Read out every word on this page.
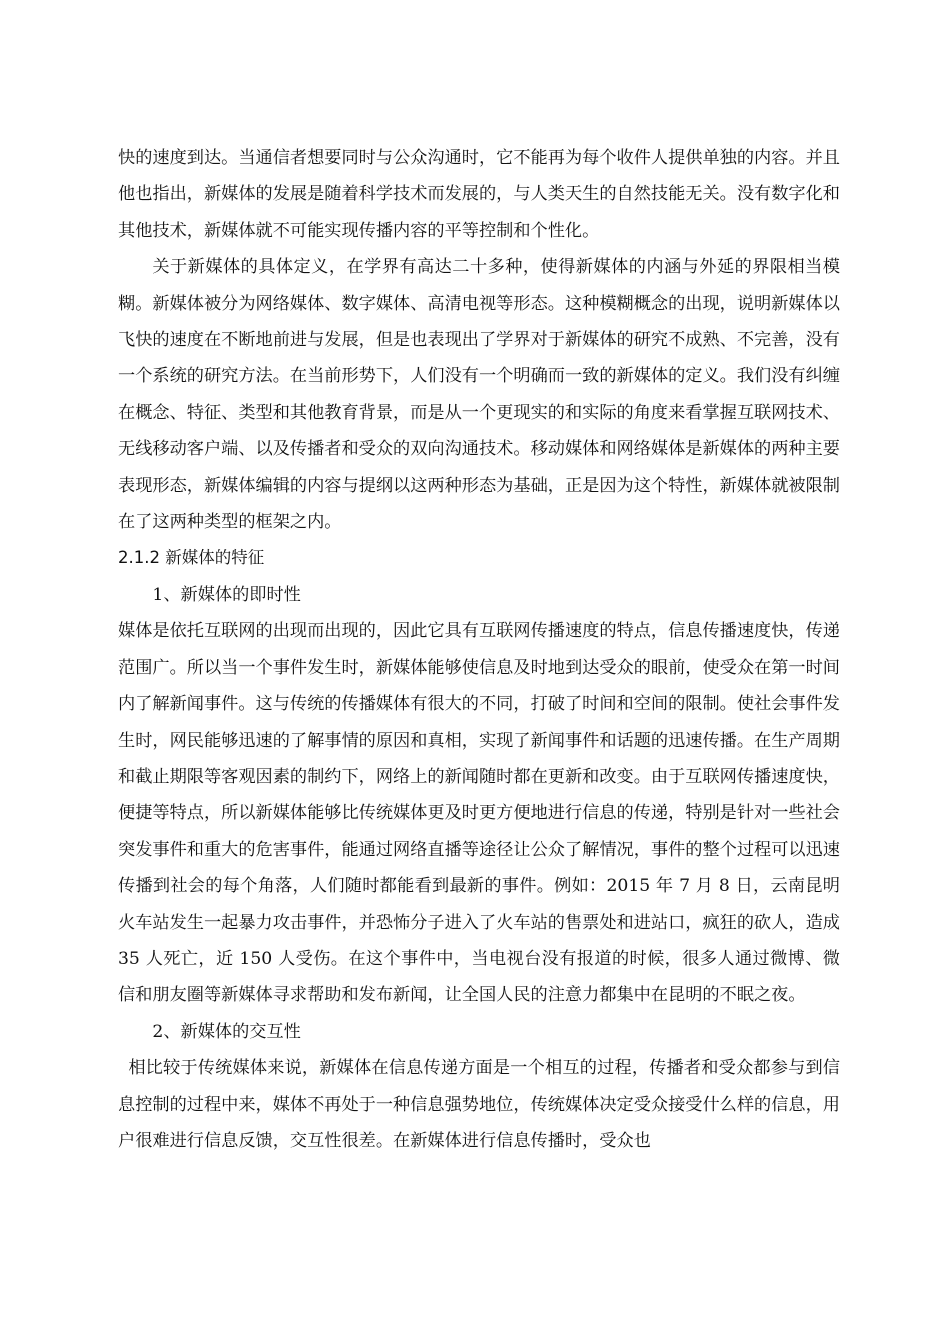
快的速度到达。当通信者想要同时与公众沟通时，它不能再为每个收件人提供单独的内容。并且他也指出，新媒体的发展是随着科学技术而发展的，与人类天生的自然技能无关。没有数字化和其他技术，新媒体就不可能实现传播内容的平等控制和个性化。

关于新媒体的具体定义，在学界有高达二十多种，使得新媒体的内涵与外延的界限相当模糊。新媒体被分为网络媒体、数字媒体、高清电视等形态。这种模糊概念的出现，说明新媒体以飞快的速度在不断地前进与发展，但是也表现出了学界对于新媒体的研究不成熟、不完善，没有一个系统的研究方法。在当前形势下，人们没有一个明确而一致的新媒体的定义。我们没有纠缠在概念、特征、类型和其他教育背景，而是从一个更现实的和实际的角度来看掌握互联网技术、无线移动客户端、以及传播者和受众的双向沟通技术。移动媒体和网络媒体是新媒体的两种主要表现形态，新媒体编辑的内容与提纲以这两种形态为基础，正是因为这个特性，新媒体就被限制在了这两种类型的框架之内。

2.1.2 新媒体的特征

1、新媒体的即时性

媒体是依托互联网的出现而出现的，因此它具有互联网传播速度的特点，信息传播速度快，传递范围广。所以当一个事件发生时，新媒体能够使信息及时地到达受众的眼前，使受众在第一时间内了解新闻事件。这与传统的传播媒体有很大的不同，打破了时间和空间的限制。使社会事件发生时，网民能够迅速的了解事情的原因和真相，实现了新闻事件和话题的迅速传播。在生产周期和截止期限等客观因素的制约下，网络上的新闻随时都在更新和改变。由于互联网传播速度快，便捷等特点，所以新媒体能够比传统媒体更及时更方便地进行信息的传递，特别是针对一些社会突发事件和重大的危害事件，能通过网络直播等途径让公众了解情况，事件的整个过程可以迅速传播到社会的每个角落，人们随时都能看到最新的事件。例如：2015 年 7 月 8 日，云南昆明火车站发生一起暴力攻击事件，并恐怖分子进入了火车站的售票处和进站口，疯狂的砍人，造成 35 人死亡，近 150 人受伤。在这个事件中，当电视台没有报道的时候，很多人通过微博、微信和朋友圈等新媒体寻求帮助和发布新闻，让全国人民的注意力都集中在昆明的不眠之夜。

2、新媒体的交互性

相比较于传统媒体来说，新媒体在信息传递方面是一个相互的过程，传播者和受众都参与到信息控制的过程中来，媒体不再处于一种信息强势地位，传统媒体决定受众接受什么样的信息，用户很难进行信息反馈，交互性很差。在新媒体进行信息传播时，受众也
